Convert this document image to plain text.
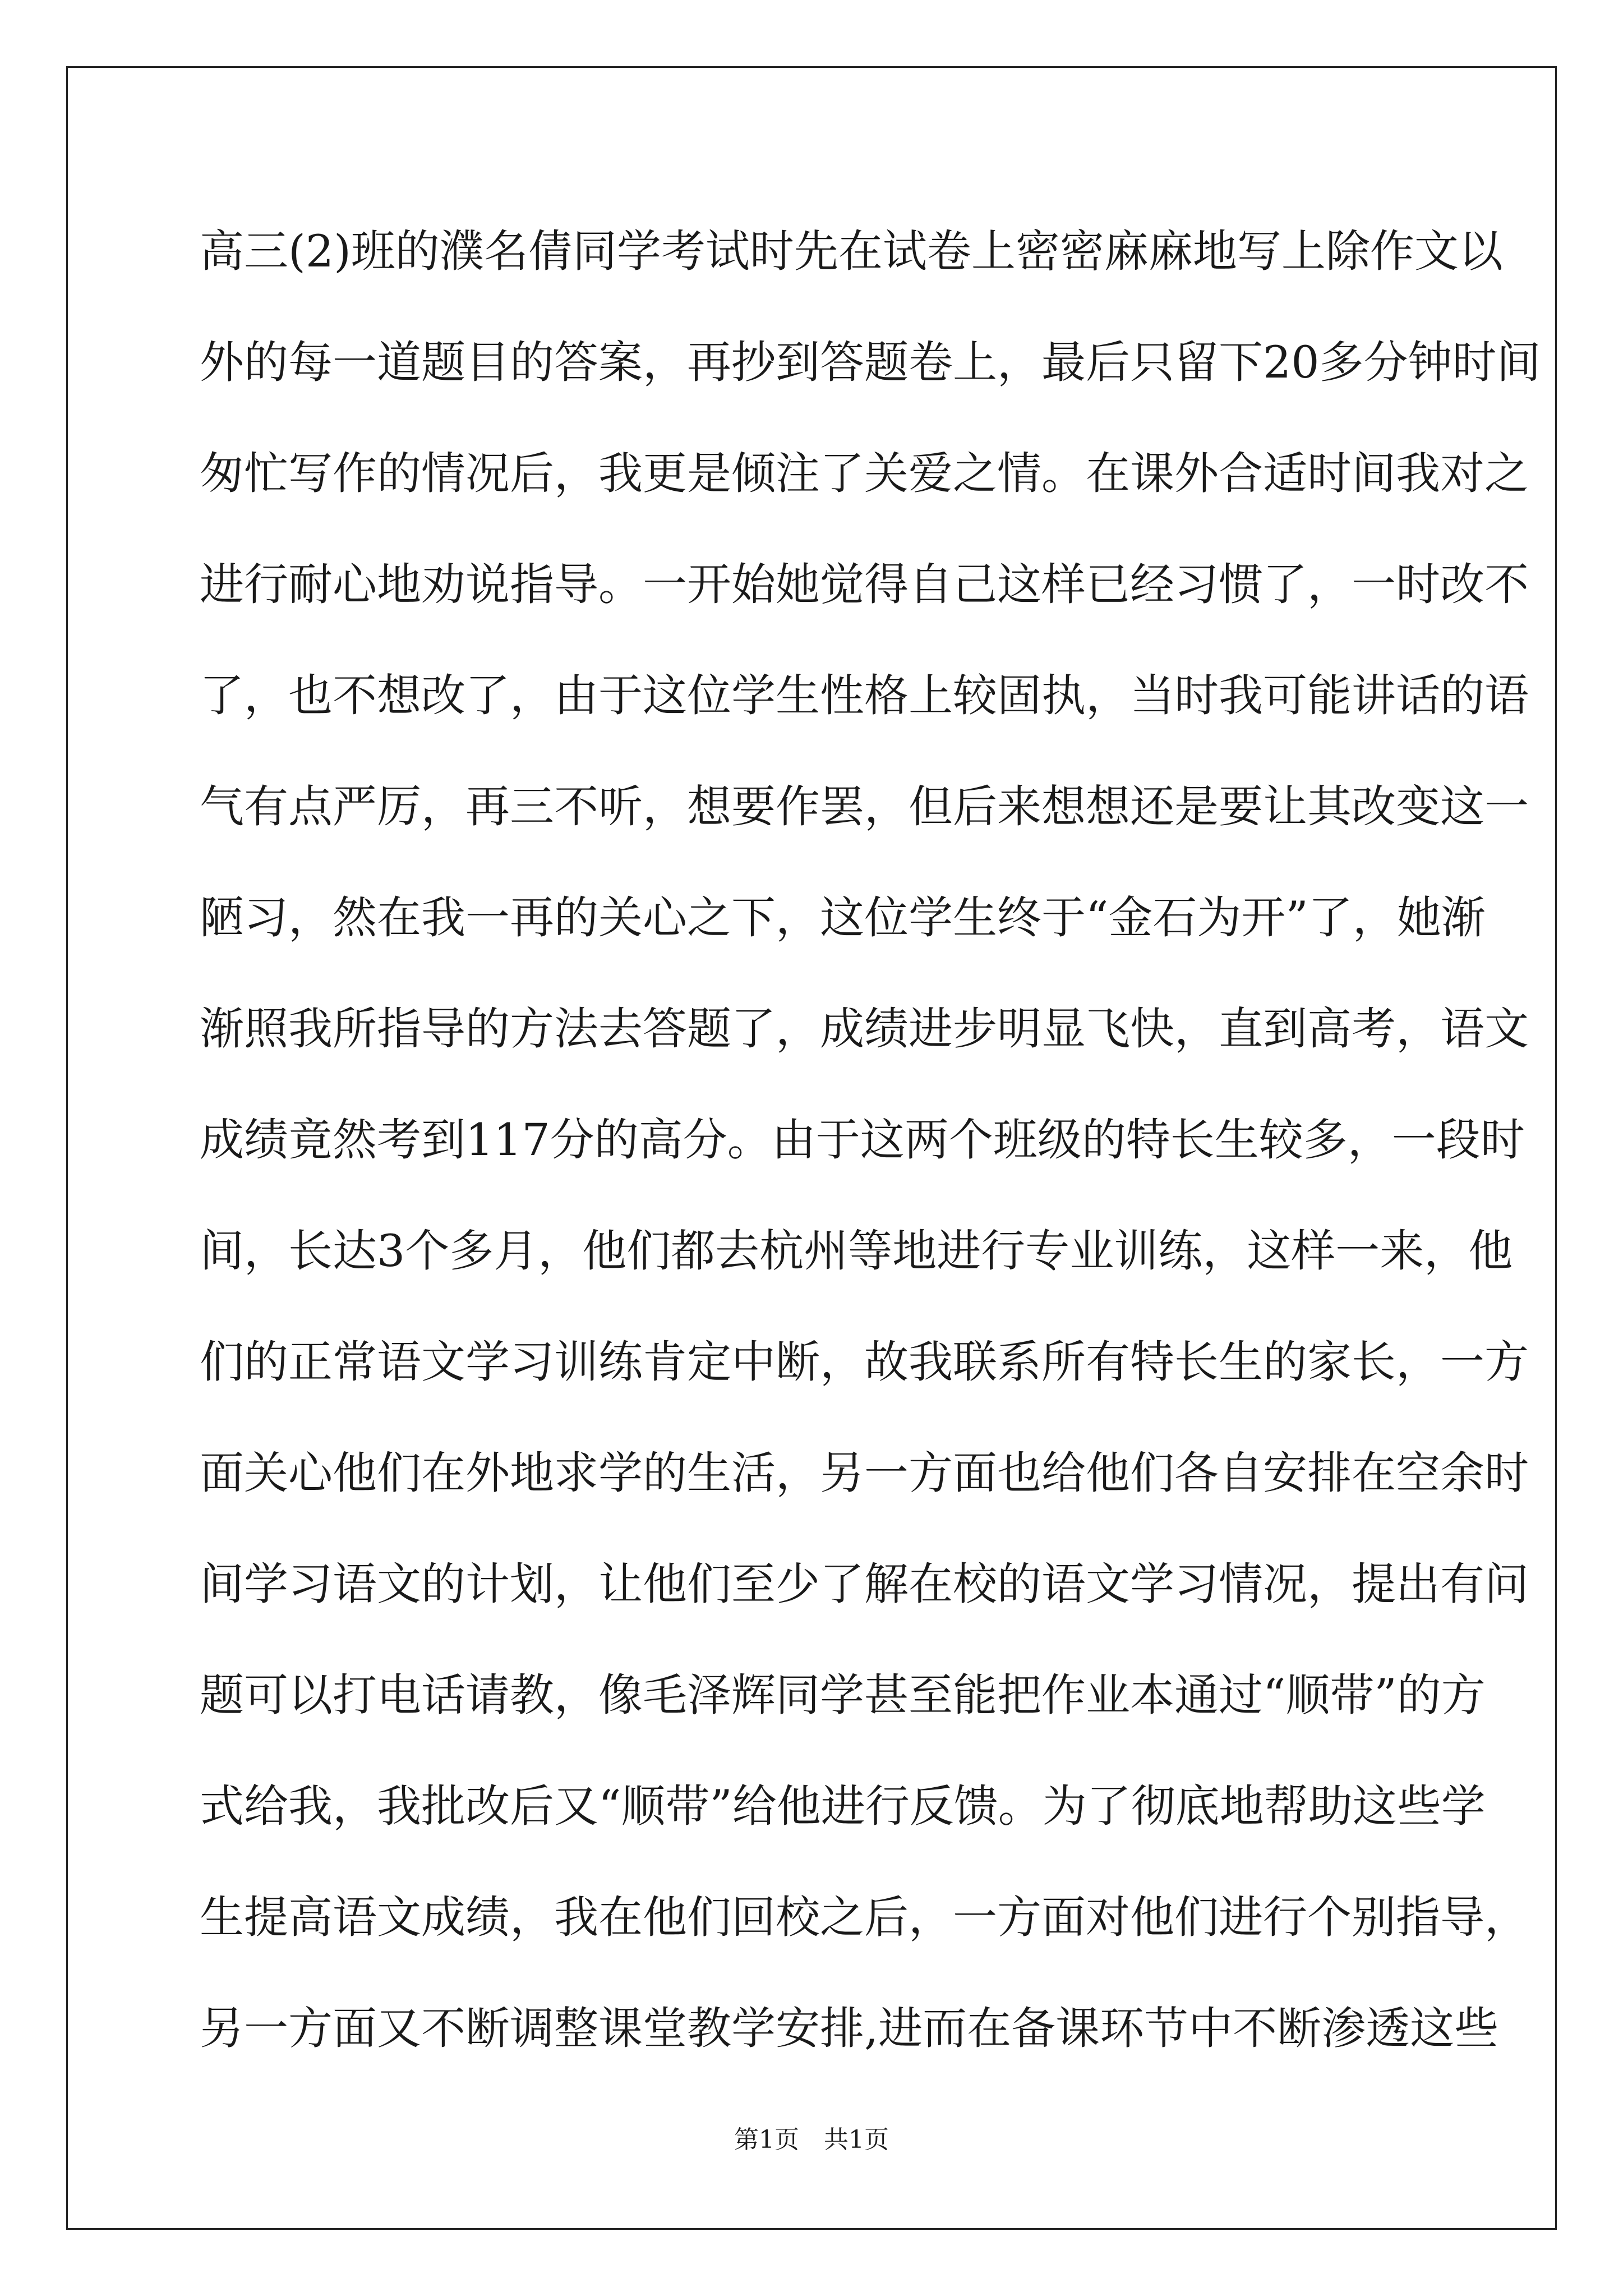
高三(2)班的濮名倩同学考试时先在试卷上密密麻麻地写上除作文以
外的每一道题目的答案，再抄到答题卷上，最后只留下20多分钟时间
匆忙写作的情况后，我更是倾注了关爱之情。在课外合适时间我对之
进行耐心地劝说指导。一开始她觉得自己这样已经习惯了，一时改不
了，也不想改了，由于这位学生性格上较固执，当时我可能讲话的语
气有点严厉，再三不听，想要作罢，但后来想想还是要让其改变这一
陋习，然在我一再的关心之下，这位学生终于“金石为开”了，她渐
渐照我所指导的方法去答题了，成绩进步明显飞快，直到高考，语文
成绩竟然考到117分的高分。由于这两个班级的特长生较多，一段时
间，长达3个多月，他们都去杭州等地进行专业训练，这样一来，他
们的正常语文学习训练肯定中断，故我联系所有特长生的家长，一方
面关心他们在外地求学的生活，另一方面也给他们各自安排在空余时
间学习语文的计划，让他们至少了解在校的语文学习情况，提出有问
题可以打电话请教，像毛泽辉同学甚至能把作业本通过“顺带”的方
式给我，我批改后又“顺带”给他进行反馈。为了彻底地帮助这些学
生提高语文成绩，我在他们回校之后，一方面对他们进行个别指导，
另一方面又不断调整课堂教学安排,进而在备课环节中不断渗透这些
第1页　共1页
